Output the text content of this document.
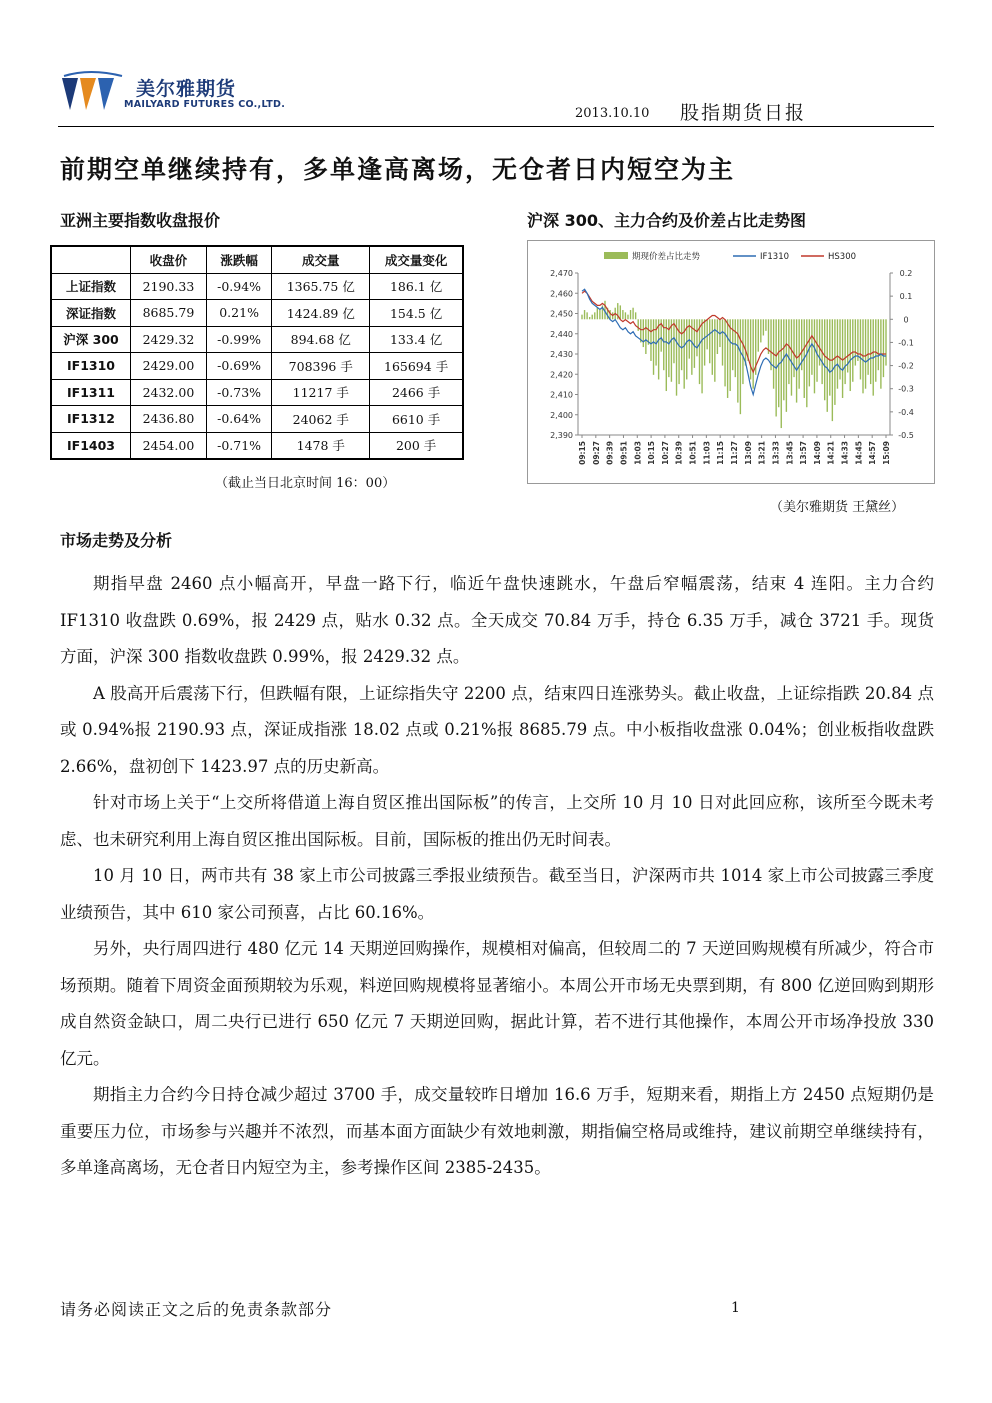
美尔雅期货
MAILYARD FUTURES CO.,LTD.
2013.10.10 股指期货日报
前期空单继续持有，多单逢高离场，无仓者日内短空为主
亚洲主要指数收盘报价
	收盘价	涨跌幅	成交量	成交量变化
上证指数	2190.33	-0.94%	1365.75 亿	186.1 亿
深证指数	8685.79	0.21%	1424.89 亿	154.5 亿
沪深 300	2429.32	-0.99%	894.68 亿	133.4 亿
IF1310	2429.00	-0.69%	708396 手	165694 手
IF1311	2432.00	-0.73%	11217 手	2466 手
IF1312	2436.80	-0.64%	24062 手	6610 手
IF1403	2454.00	-0.71%	1478 手	200 手
（截止当日北京时间 16：00）
沪深 300、主力合约及价差占比走势图
2,470
2,460
2,450
2,440
2,430
2,420
2,410
2,400
2,390
0.2
0.1
0
-0.1
-0.2
-0.3
-0.4
-0.5
09:15 09:27 09:39 09:51 10:03 10:15 10:27 10:39 10:51 11:03 11:15 11:27 13:09 13:21 13:33 13:45 13:57 14:09 14:21 14:33 14:45 14:57 15:09
期现价差占比走势	IF1310	HS300
（美尔雅期货 王黛丝）
市场走势及分析

期指早盘 2460 点小幅高开，早盘一路下行，临近午盘快速跳水，午盘后窄幅震荡，结束 4 连阳。主力合约 IF1310 收盘跌 0.69%，报 2429 点，贴水 0.32 点。全天成交 70.84 万手，持仓 6.35 万手，减仓 3721 手。现货方面，沪深 300 指数收盘跌 0.99%，报 2429.32 点。

A 股高开后震荡下行，但跌幅有限，上证综指失守 2200 点，结束四日连涨势头。截止收盘，上证综指跌 20.84 点或 0.94%报 2190.93 点，深证成指涨 18.02 点或 0.21%报 8685.79 点。中小板指收盘涨 0.04%；创业板指收盘跌 2.66%，盘初创下 1423.97 点的历史新高。

针对市场上关于“上交所将借道上海自贸区推出国际板”的传言，上交所 10 月 10 日对此回应称，该所至今既未考虑、也未研究利用上海自贸区推出国际板。目前，国际板的推出仍无时间表。

10 月 10 日，两市共有 38 家上市公司披露三季报业绩预告。截至当日，沪深两市共 1014 家上市公司披露三季度业绩预告，其中 610 家公司预喜，占比 60.16%。

另外，央行周四进行 480 亿元 14 天期逆回购操作，规模相对偏高，但较周二的 7 天逆回购规模有所减少，符合市场预期。随着下周资金面预期较为乐观，料逆回购规模将显著缩小。本周公开市场无央票到期，有 800 亿逆回购到期形成自然资金缺口，周二央行已进行 650 亿元 7 天期逆回购，据此计算，若不进行其他操作，本周公开市场净投放 330 亿元。

期指主力合约今日持仓减少超过 3700 手，成交量较昨日增加 16.6 万手，短期来看，期指上方 2450 点短期仍是重要压力位，市场参与兴趣并不浓烈，而基本面方面缺少有效地刺激，期指偏空格局或维持，建议前期空单继续持有，多单逢高离场，无仓者日内短空为主，参考操作区间 2385-2435。

请务必阅读正文之后的免责条款部分	1
